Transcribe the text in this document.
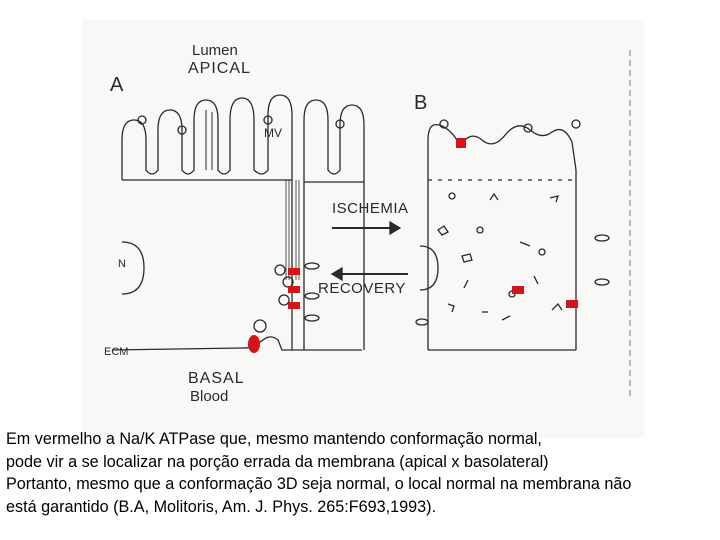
Lumen
APICAL
A
B
MV
ISCHEMIA
N
RECOVERY
ECM
BASAL
Blood
Em vermelho a Na/K ATPase que, mesmo mantendo conformação normal,
pode vir a se localizar na porção errada da membrana (apical x basolateral)
Portanto, mesmo que a conformação 3D seja normal, o local normal na membrana não
está garantido (B.A, Molitoris, Am. J. Phys. 265:F693,1993).
